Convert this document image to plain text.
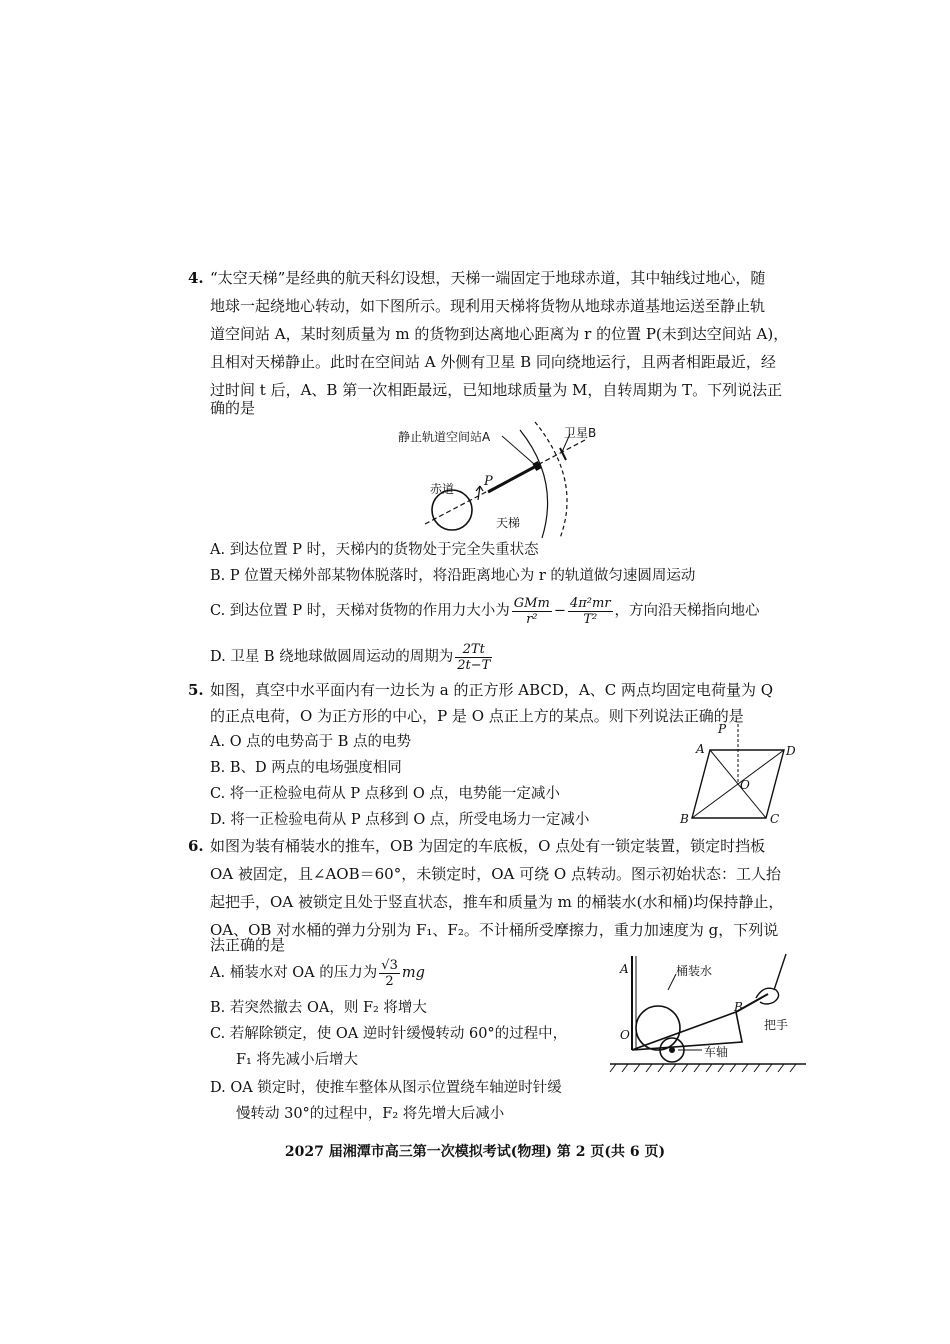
4. “太空天梯”是经典的航天科幻设想，天梯一端固定于地球赤道，其中轴线过地心，随
地球一起绕地心转动，如下图所示。现利用天梯将货物从地球赤道基地运送至静止轨
道空间站 A，某时刻质量为 m 的货物到达离地心距离为 r 的位置 P(未到达空间站 A)，
且相对天梯静止。此时在空间站 A 外侧有卫星 B 同向绕地运行，且两者相距最近，经
过时间 t 后，A、B 第一次相距最远，已知地球质量为 M，自转周期为 T。下列说法正
确的是
静止轨道空间站A	卫星B
赤道 P
天梯
A. 到达位置 P 时，天梯内的货物处于完全失重状态
B. P 位置天梯外部某物体脱落时，将沿距离地心为 r 的轨道做匀速圆周运动
C. 到达位置 P 时，天梯对货物的作用力大小为 $\frac{\text{GMm}}{\text{r²}} - \frac{\text{4π²mr}}{\text{T²}}$ ，方向沿天梯指向地心
D. 卫星 B 绕地球做圆周运动的周期为 $\frac{2Tt}{2t-T}$
5. 如图，真空中水平面内有一边长为 a 的正方形 ABCD，A、C 两点均固定电荷量为 Q
的正点电荷，O 为正方形的中心，P 是 O 点正上方的某点。则下列说法正确的是
A. O 点的电势高于 B 点的电势
B. B、D 两点的电场强度相同
C. 将一正检验电荷从 P 点移到 O 点，电势能一定减小
D. 将一正检验电荷从 P 点移到 O 点，所受电场力一定减小
P
A	D
O
B	C
6. 如图为装有桶装水的推车，OB 为固定的车底板，O 点处有一锁定装置，锁定时挡板
OA 被固定，且∠AOB＝60°，未锁定时，OA 可绕 O 点转动。图示初始状态：工人抬
起把手，OA 被锁定且处于竖直状态，推车和质量为 m 的桶装水(水和桶)均保持静止，
OA、OB 对水桶的弹力分别为 F₁、F₂。不计桶所受摩擦力，重力加速度为 g，下列说
法正确的是
A. 桶装水对 OA 的压力为 $\frac{√3}{2}$ mg
B. 若突然撤去 OA，则 F₂ 将增大
C. 若解除锁定，使 OA 逆时针缓慢转动 60°的过程中，
F₁ 将先减小后增大
D. OA 锁定时，使推车整体从图示位置绕车轴逆时针缓
慢转动 30°的过程中，F₂ 将先增大后减小
A	桶装水
B
把手
O
车轴
2027 届湘潭市高三第一次模拟考试(物理) 第 2 页(共 6 页)
